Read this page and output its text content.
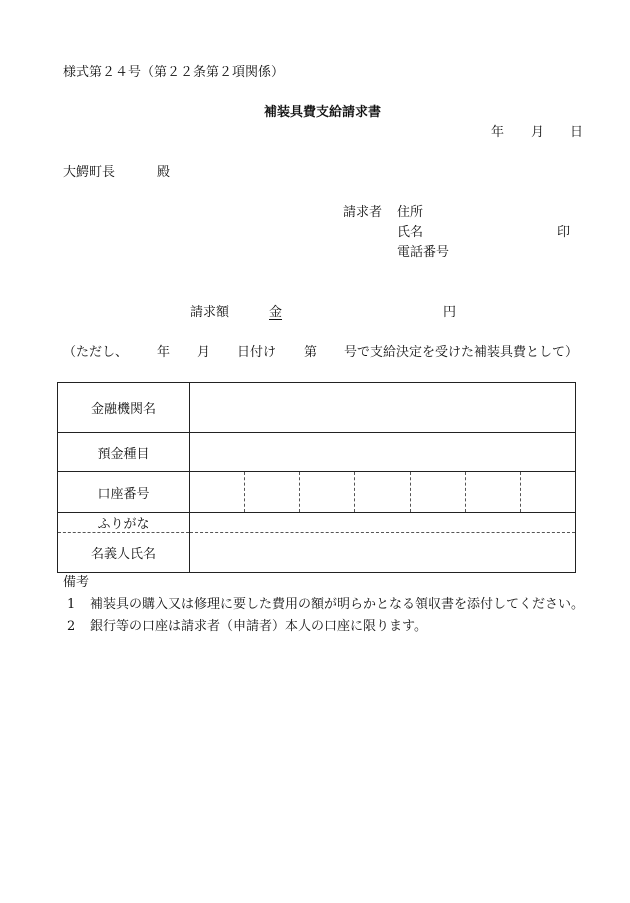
様式第２４号（第２２条第２項関係）
補装具費支給請求書
年 月 日
大鰐町長	殿
請求者 住所
氏名	印
電話番号
請求額	金	円
（ただし、 年 月 日付け 第 号で支給決定を受けた補装具費として）
金融機関名	
預金種目	
口座番号	

ふりがな	
名義人氏名	
備考
1 補装具の購入又は修理に要した費用の額が明らかとなる領収書を添付してください。
2 銀行等の口座は請求者（申請者）本人の口座に限ります。
